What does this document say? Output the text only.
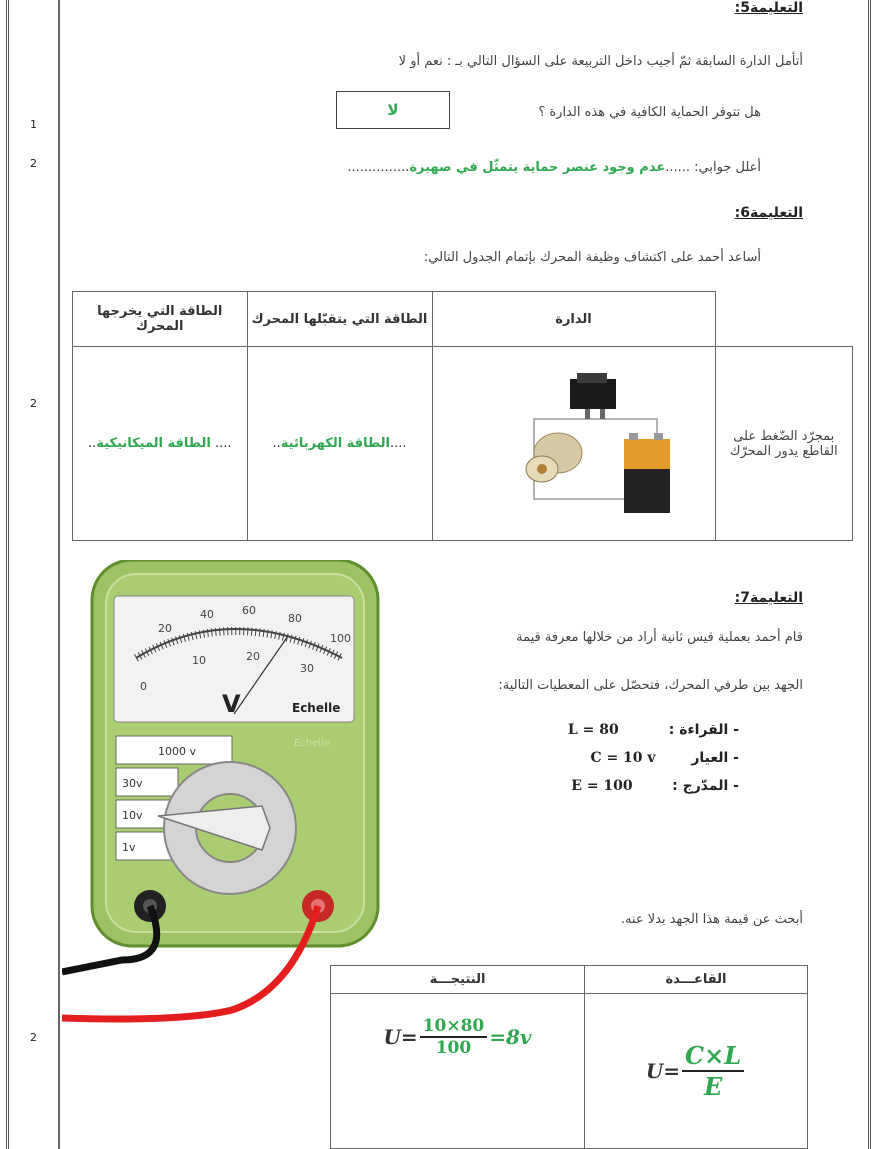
1
2
2
2
التعليمة5:
أتأمل الدارة السابقة ثمّ أجيب داخل التربيعة على السؤال التالي بـ : نعم أو لا
هل تتوفر الحماية الكافية في هذه الدارة ؟
لا
أعلل جوابي: ......عدم وجود عنصر حماية يتمثّل في صهيرة...............
التعليمة6:
أساعد أحمد على اكتشاف وظيفة المحرك بإتمام الجدول التالي:
	الدارة	الطاقة التي يتقبّلها المحرك	الطاقة التي يخرجها المحرك
بمجرّد الضّغط على القاطع يدور المحرّك		....الطاقة الكهربائية..	.... الطاقة الميكانيكية..
20
40	60
80
100
0
10	20
30
V	Echelle
Echelle
1000 v
30v
10v
1v
التعليمة7:
قام أحمد بعملية قيس ثانية أراد من خلالها معرفة قيمة
الجهد بين طرفي المحرك، فتحصّل على المعطيات التالية:
- القراءة : L = 80
- العيار C = 10 v
- المدّرج : E = 100
أبحث عن قيمة هذا الجهد بدلا عنه.
القاعـــدة	النتيجـــة

$U= \frac{C\times L}{E}$	$U= \frac{10\times 80}{100} =8v$
